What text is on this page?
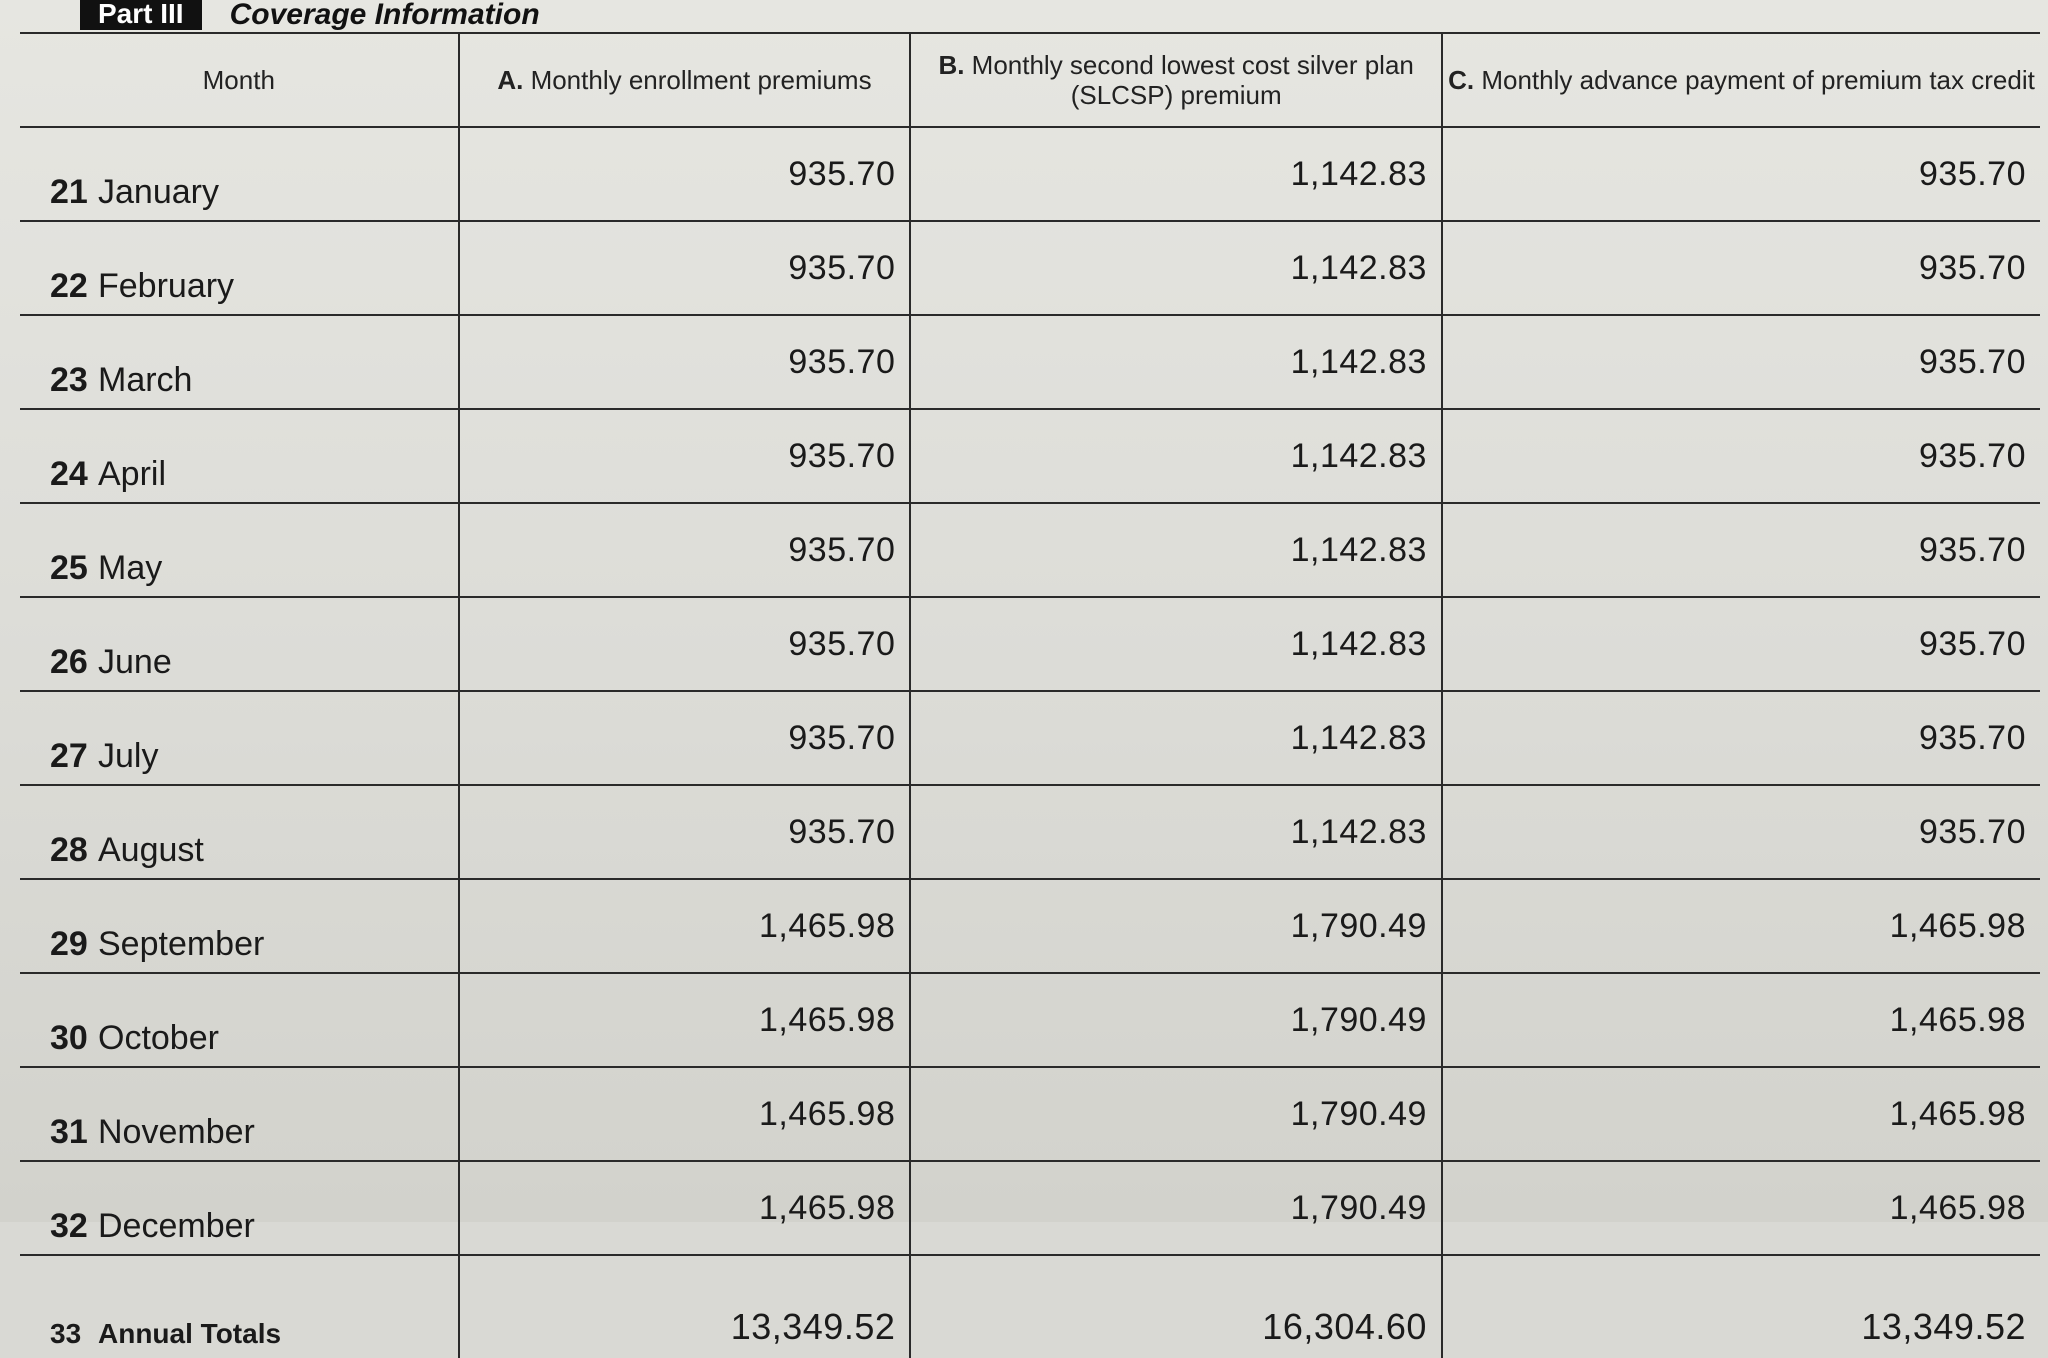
Part III	Coverage Information
Month	A. Monthly enrollment premiums	B. Monthly second lowest cost silver plan (SLCSP) premium	C. Monthly advance payment of premium tax credit
21 January	935.70	1,142.83	935.70
22 February	935.70	1,142.83	935.70
23 March	935.70	1,142.83	935.70
24 April	935.70	1,142.83	935.70
25 May	935.70	1,142.83	935.70
26 June	935.70	1,142.83	935.70
27 July	935.70	1,142.83	935.70
28 August	935.70	1,142.83	935.70
29 September	1,465.98	1,790.49	1,465.98
30 October	1,465.98	1,790.49	1,465.98
31 November	1,465.98	1,790.49	1,465.98
32 December	1,465.98	1,790.49	1,465.98
33 Annual Totals	13,349.52	16,304.60	13,349.52
